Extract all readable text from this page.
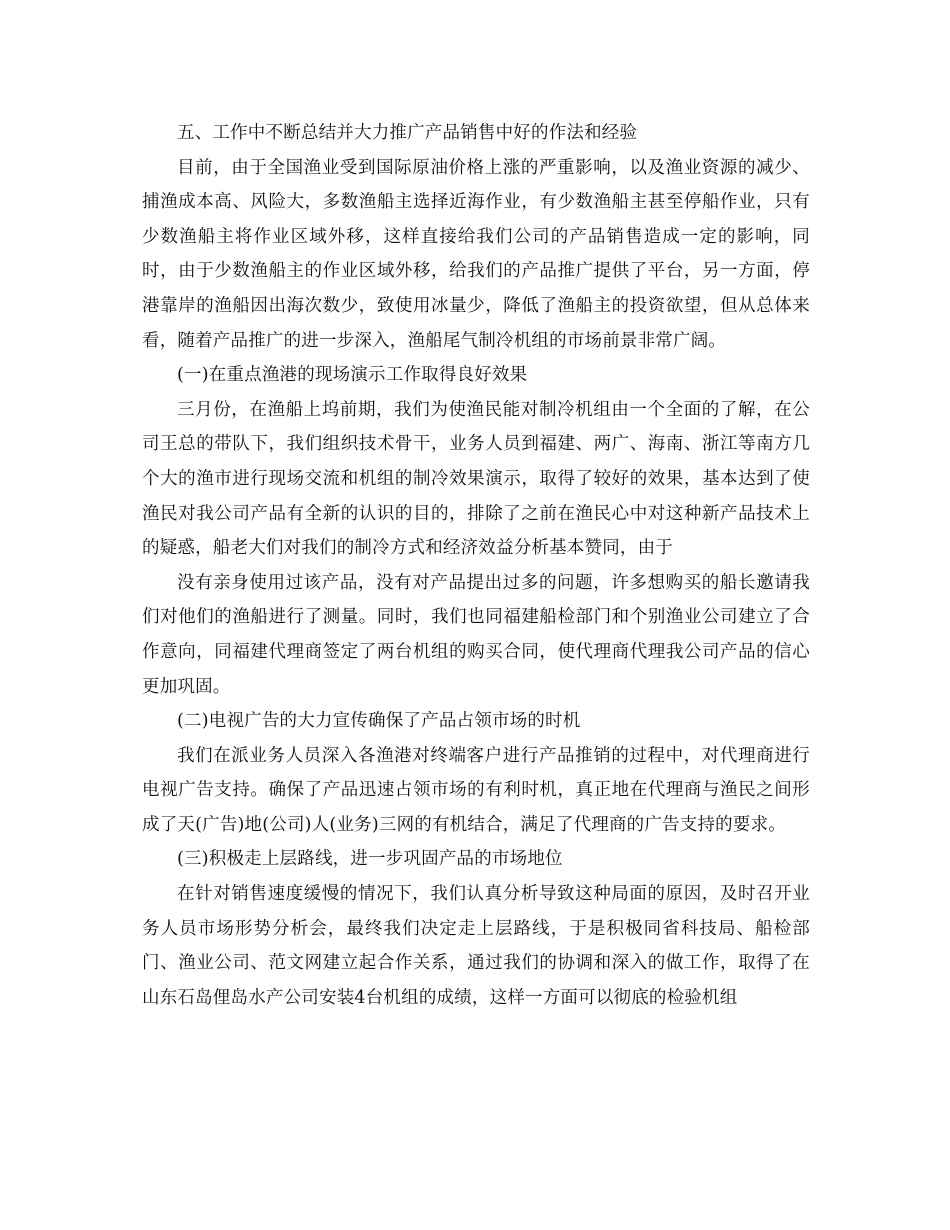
五、工作中不断总结并大力推广产品销售中好的作法和经验

目前，由于全国渔业受到国际原油价格上涨的严重影响，以及渔业资源的减少、捕渔成本高、风险大，多数渔船主选择近海作业，有少数渔船主甚至停船作业，只有少数渔船主将作业区域外移，这样直接给我们公司的产品销售造成一定的影响，同时，由于少数渔船主的作业区域外移，给我们的产品推广提供了平台，另一方面，停港靠岸的渔船因出海次数少，致使用冰量少，降低了渔船主的投资欲望，但从总体来看，随着产品推广的进一步深入，渔船尾气制冷机组的市场前景非常广阔。

(一)在重点渔港的现场演示工作取得良好效果

三月份，在渔船上坞前期，我们为使渔民能对制冷机组由一个全面的了解，在公司王总的带队下，我们组织技术骨干，业务人员到福建、两广、海南、浙江等南方几个大的渔市进行现场交流和机组的制冷效果演示，取得了较好的效果，基本达到了使渔民对我公司产品有全新的认识的目的，排除了之前在渔民心中对这种新产品技术上的疑惑，船老大们对我们的制冷方式和经济效益分析基本赞同，由于

没有亲身使用过该产品，没有对产品提出过多的问题，许多想购买的船长邀请我们对他们的渔船进行了测量。同时，我们也同福建船检部门和个别渔业公司建立了合作意向，同福建代理商签定了两台机组的购买合同，使代理商代理我公司产品的信心更加巩固。

(二)电视广告的大力宣传确保了产品占领市场的时机

我们在派业务人员深入各渔港对终端客户进行产品推销的过程中，对代理商进行电视广告支持。确保了产品迅速占领市场的有利时机，真正地在代理商与渔民之间形成了天(广告)地(公司)人(业务)三网的有机结合，满足了代理商的广告支持的要求。

(三)积极走上层路线，进一步巩固产品的市场地位

在针对销售速度缓慢的情况下，我们认真分析导致这种局面的原因，及时召开业务人员市场形势分析会，最终我们决定走上层路线，于是积极同省科技局、船检部门、渔业公司、范文网建立起合作关系，通过我们的协调和深入的做工作，取得了在山东石岛俚岛水产公司安装4台机组的成绩，这样一方面可以彻底的检验机组
